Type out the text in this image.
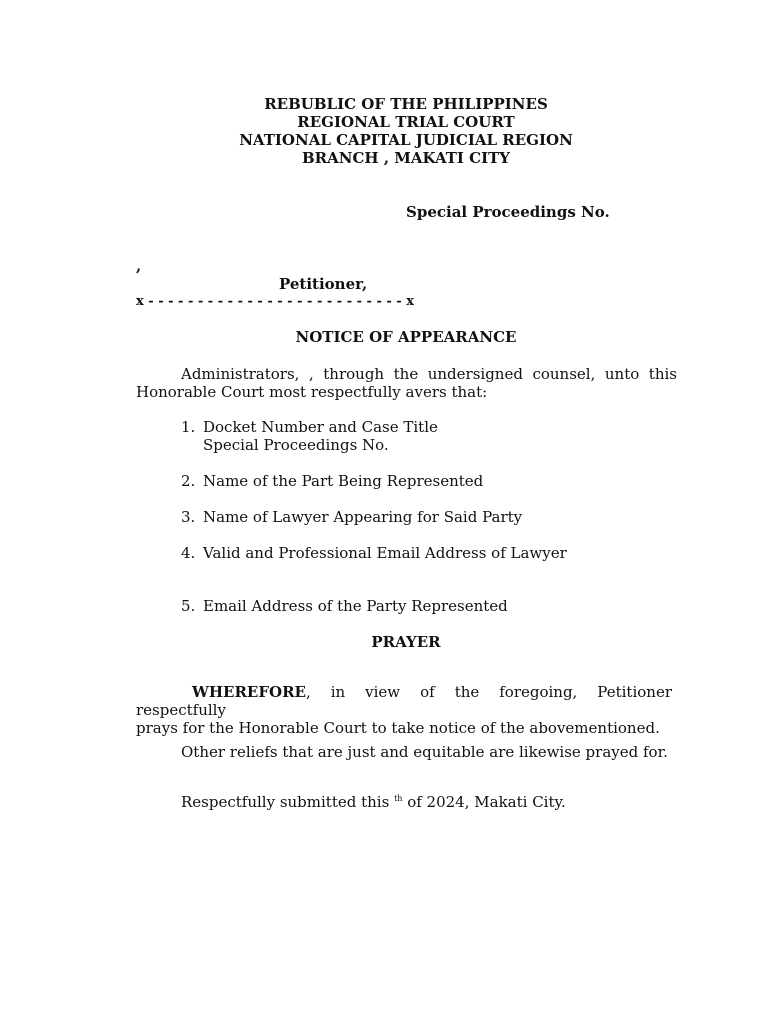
REBUBLIC OF THE PHILIPPINES
REGIONAL TRIAL COURT
NATIONAL CAPITAL JUDICIAL REGION
BRANCH , MAKATI CITY
Special Proceedings No.
,
Petitioner,
x - - - - - - - - - - - - - - - - - - - - - - - - - - x
NOTICE OF APPEARANCE
Administrators, , through the undersigned counsel, unto this
Honorable Court most respectfully avers that:
1. Docket Number and Case Title
Special Proceedings No.
2. Name of the Part Being Represented
3. Name of Lawyer Appearing for Said Party
4. Valid and Professional Email Address of Lawyer
5. Email Address of the Party Represented
PRAYER
WHEREFORE, in view of the foregoing, Petitioner respectfully
prays for the Honorable Court to take notice of the abovementioned.
Other reliefs that are just and equitable are likewise prayed for.
Respectfully submitted this $^{th}$ of 2024, Makati City.
